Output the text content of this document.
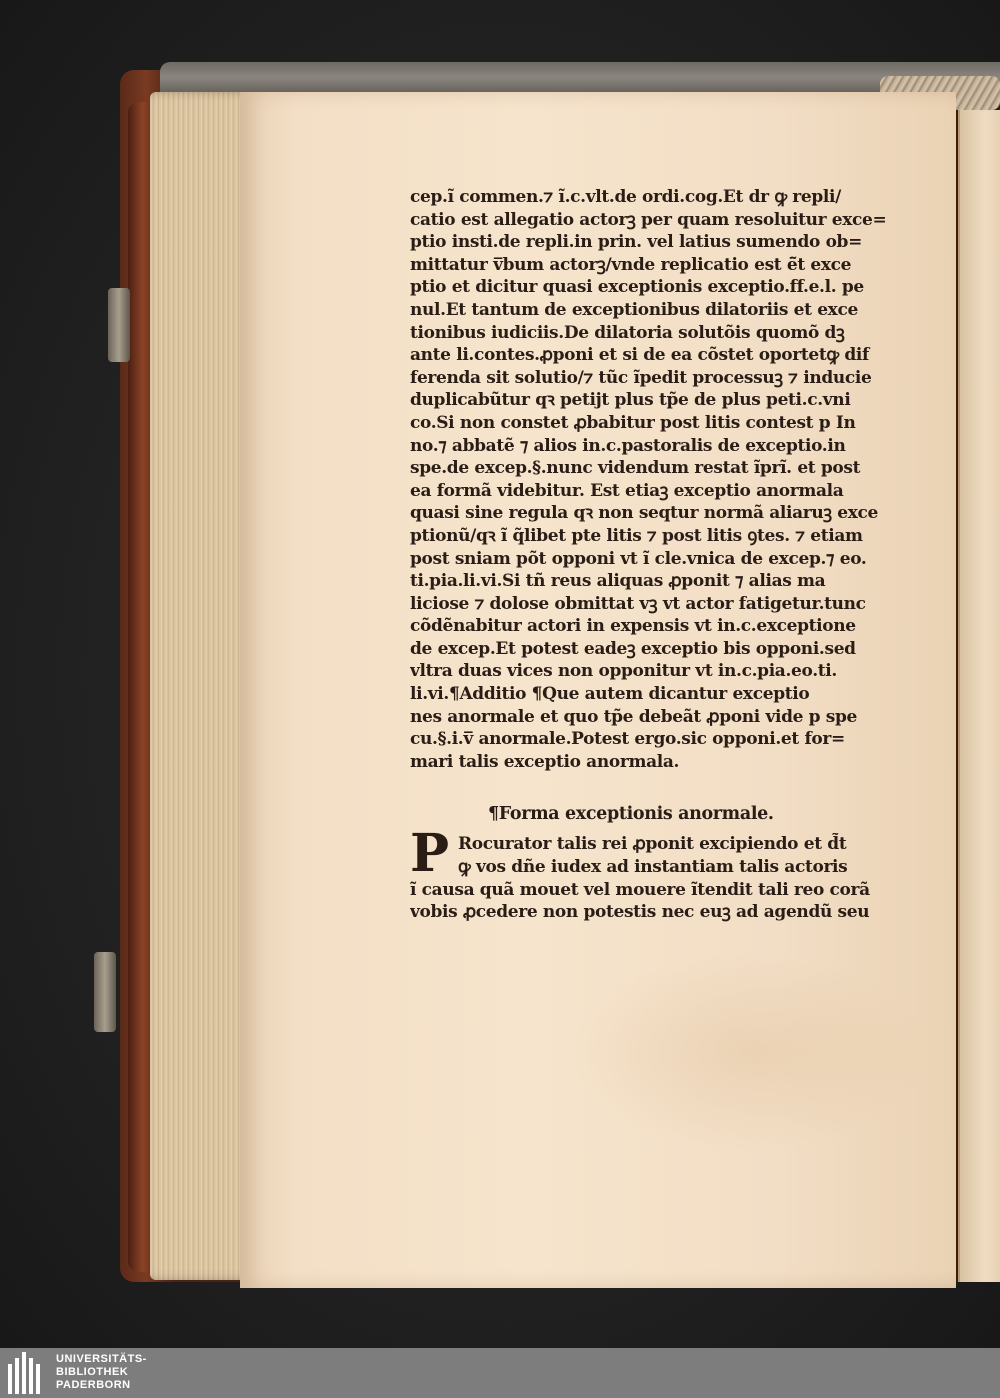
cep.ĩ commen.⁊ ĩ.c.vlt.de ordi.cog.Et dr ꝙ repli/
catio est allegatio actorꝫ per quam resoluitur exce=
ptio insti.de repli.in prin. vel latius sumendo ob=
mittatur v̅bum actorꝫ/vnde replicatio est ē̃t exce
ptio et dicitur quasi exceptionis exceptio.ff.e.l. pe
nul.Et tantum de exceptionibus dilatoriis et exce
tionibus iudiciis.De dilatoria solutõis quomõ dꝫ
ante li.contes.ꝓponi et si de ea cõstet oportetꝙ dif
ferenda sit solutio/⁊ tũc ĩpedit processuꝫ ⁊ inducie
duplicabũtur qꝛ petijt plus tp̃e de plus peti.c.vni
co.Si non constet ꝓbabitur post litis contest p In
no.⁊ abbatẽ ⁊ alios in.c.pastoralis de exceptio.in
spe.de excep.§.nunc videndum restat ĩprĩ. et post
ea formã videbitur. Est etiaꝫ exceptio anormala
quasi sine regula qꝛ non seqtur normã aliaruꝫ exce
ptionũ/qꝛ ĩ q̃libet pte litis ⁊ post litis ꝯtes. ⁊ etiam
post sniam põt opponi vt ĩ cle.vnica de excep.⁊ eo.
ti.pia.li.vi.Si tñ reus aliquas ꝓponit ⁊ alias ma
liciose ⁊ dolose obmittat vꝫ vt actor fatigetur.tunc
cõdẽnabitur actori in expensis vt in.c.exceptione
de excep.Et potest eadeꝫ exceptio bis opponi.sed
vltra duas vices non opponitur vt in.c.pia.eo.ti.
li.vi.¶Additio ¶Que autem dicantur exceptio
nes anormale et quo tp̃e debeãt ꝓponi vide p spe
cu.§.i.v̅ anormale.Potest ergo.sic opponi.et for=
mari talis exceptio anormala.
¶Forma exceptionis anormale.
P Rocurator talis rei ꝓponit excipiendo et d̃t
ꝙ vos dñe iudex ad instantiam talis actoris
ĩ causa quã mouet vel mouere ĩtendit tali reo corã
vobis ꝓcedere non potestis nec euꝫ ad agendũ seu
UNIVERSITÄTS-
BIBLIOTHEK
PADERBORN
